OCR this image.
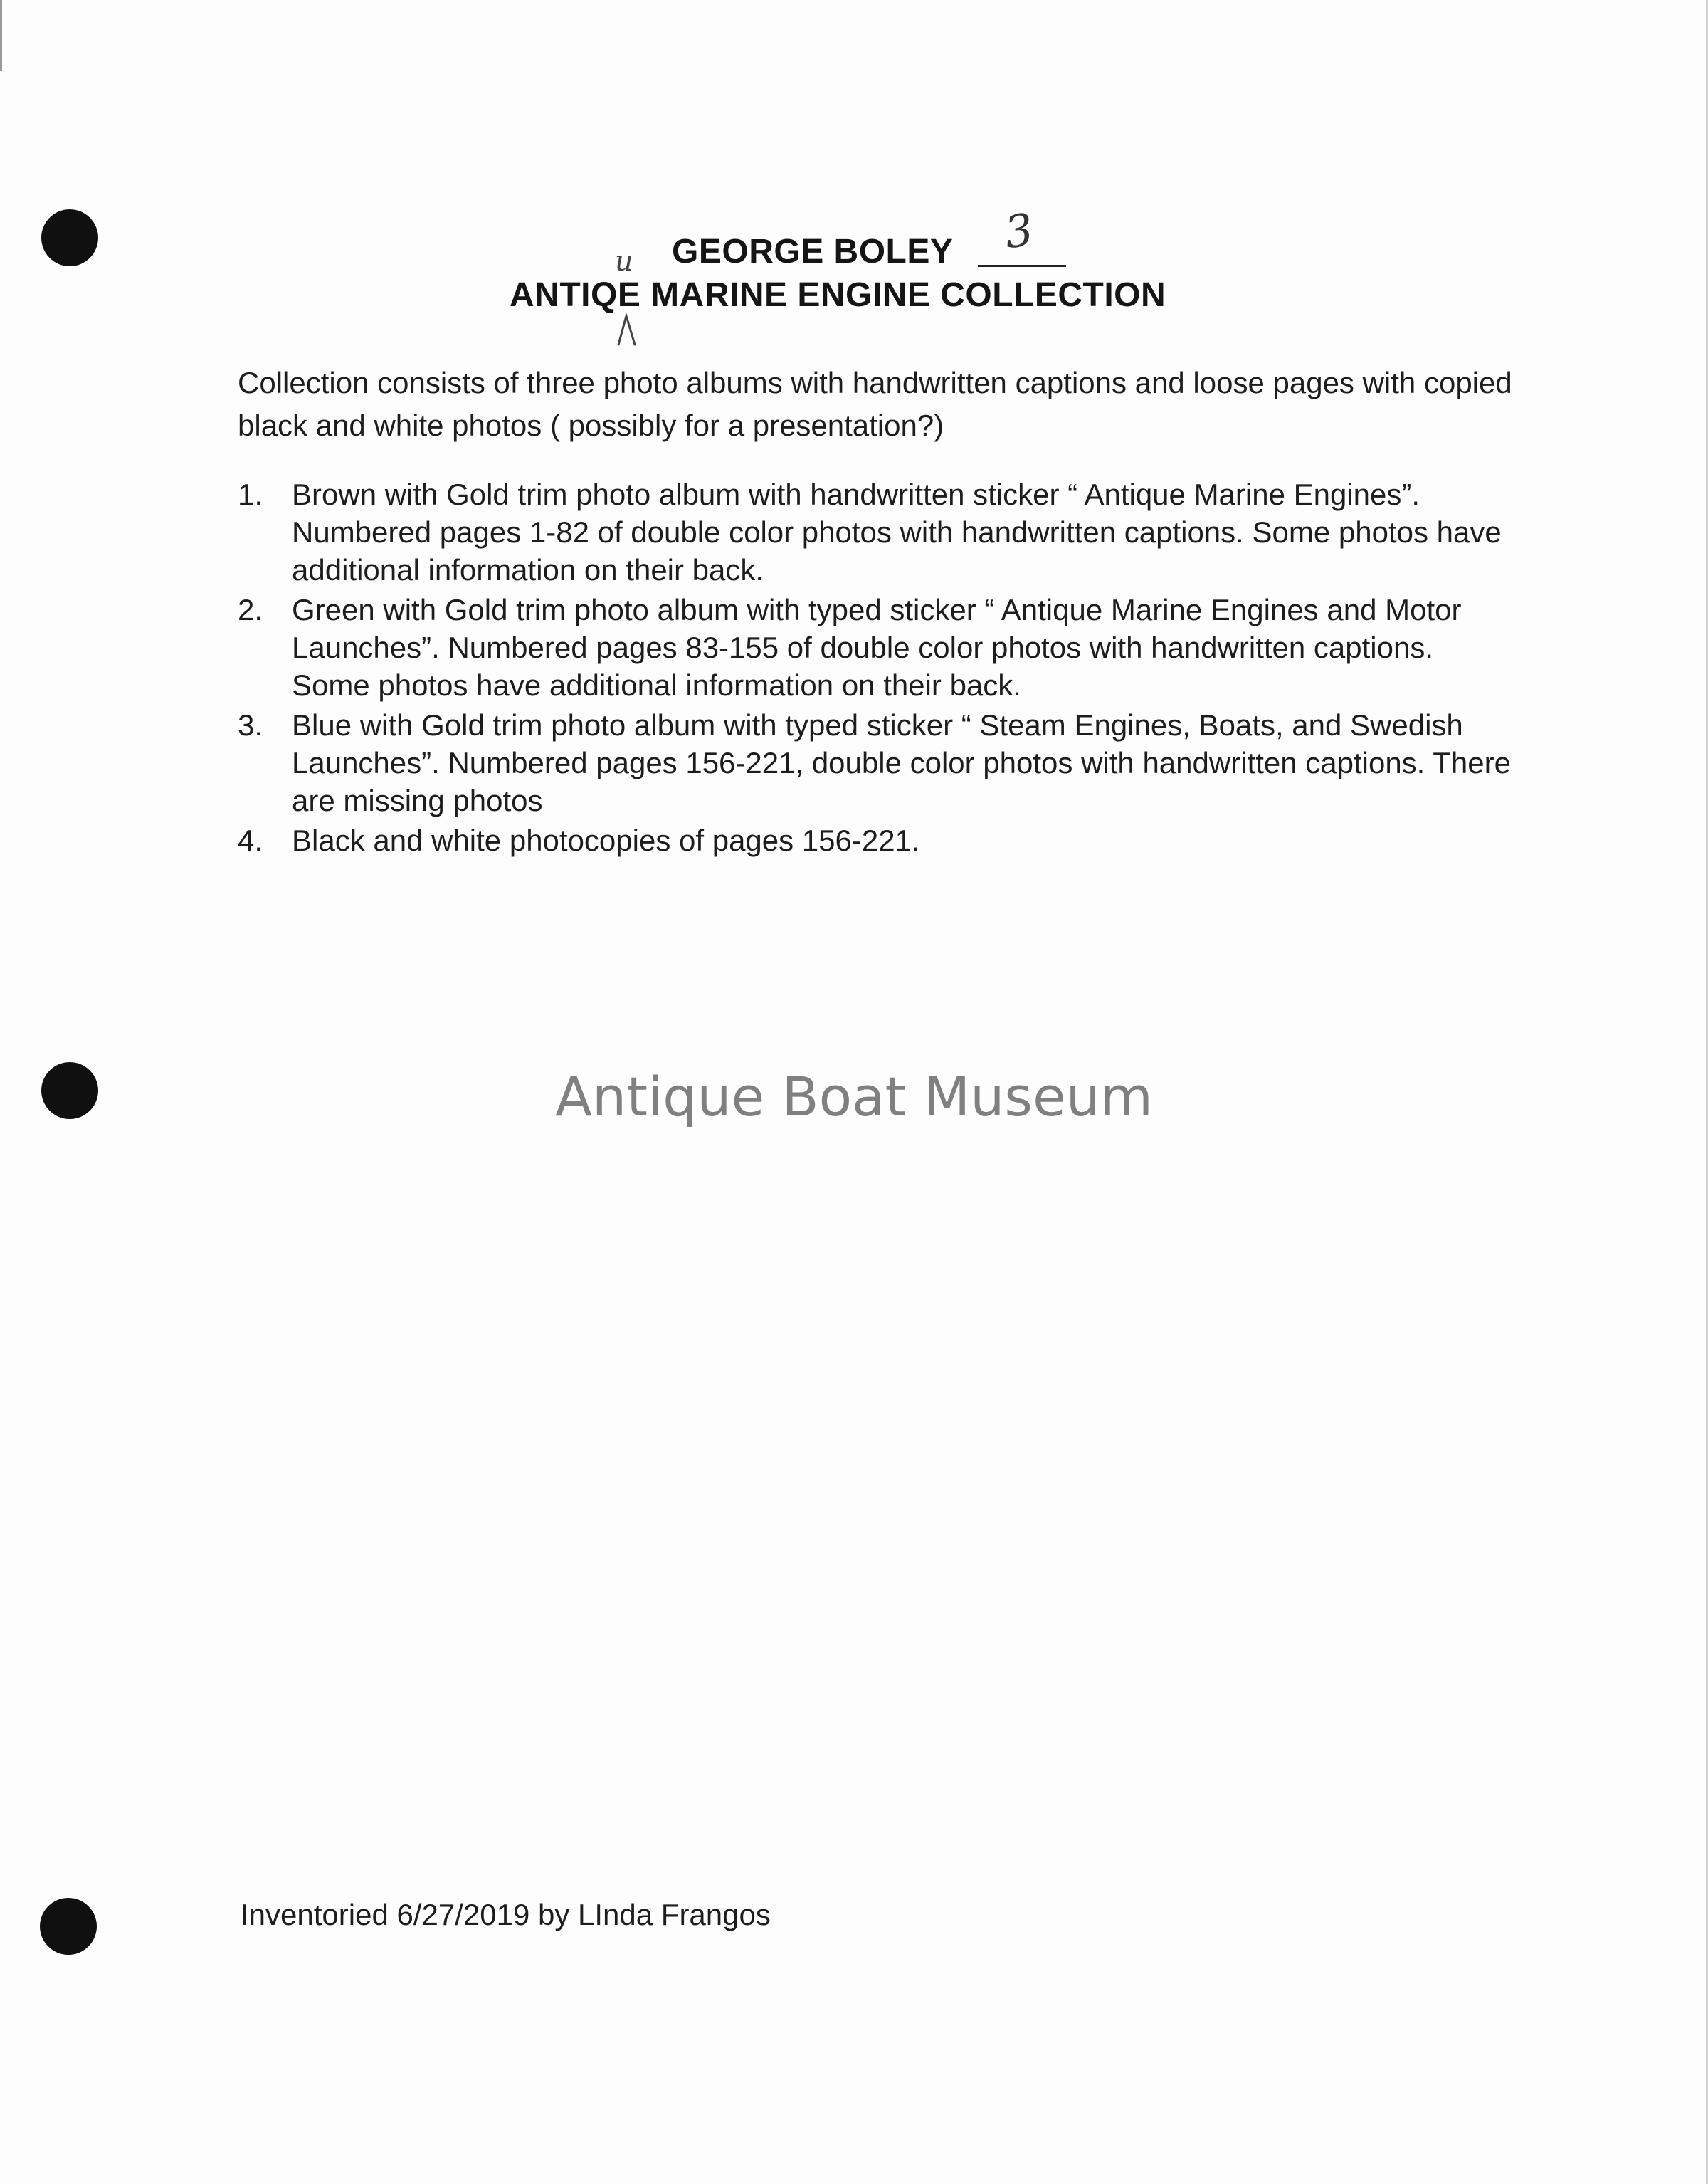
GEORGE BOLEY 3
u
ANTIQE MARINE ENGINE COLLECTION
Collection consists of three photo albums with handwritten captions and loose pages with copied black and white photos ( possibly for a presentation?)
1. Brown with Gold trim photo album with handwritten sticker “ Antique Marine Engines”. Numbered pages 1-82 of double color photos with handwritten captions. Some photos have additional information on their back.
2. Green with Gold trim photo album with typed sticker “ Antique Marine Engines and Motor Launches”. Numbered pages 83-155 of double color photos with handwritten captions. Some photos have additional information on their back.
3. Blue with Gold trim photo album with typed sticker “ Steam Engines, Boats, and Swedish Launches”. Numbered pages 156-221, double color photos with handwritten captions. There are missing photos
4. Black and white photocopies of pages 156-221.
Antique Boat Museum
Inventoried 6/27/2019 by LInda Frangos
